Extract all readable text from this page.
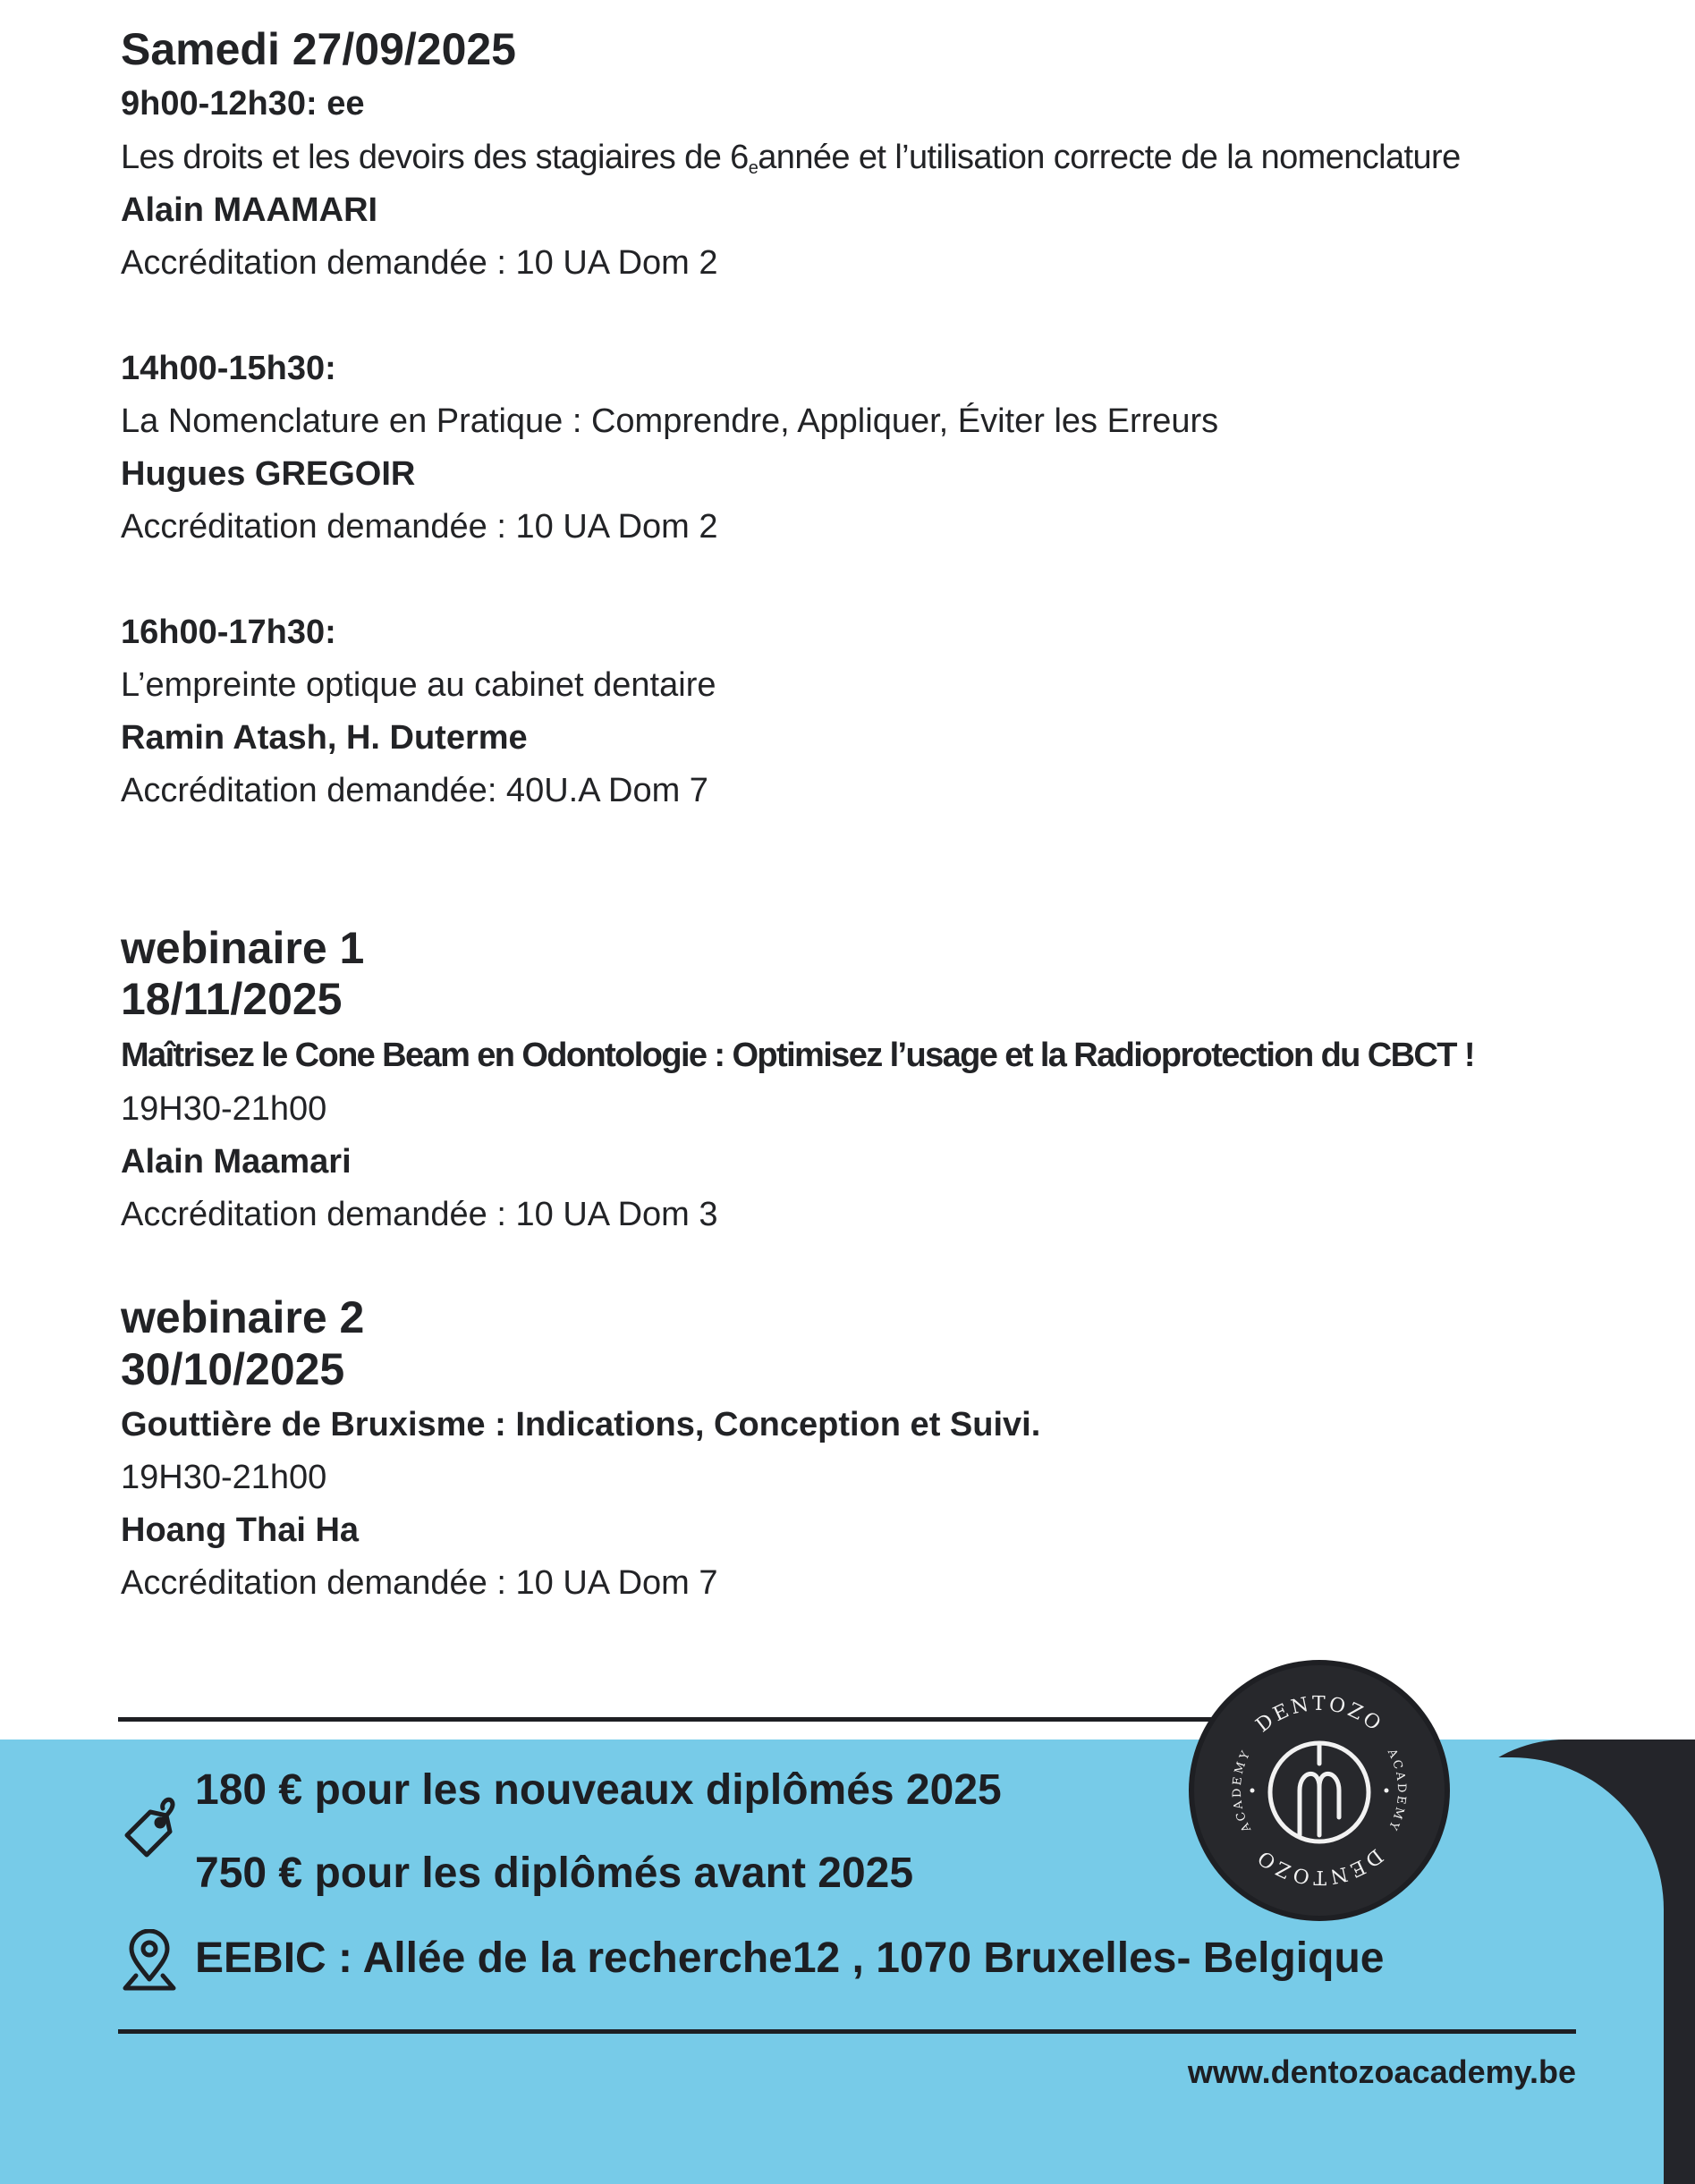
Samedi 27/09/2025
9h00-12h30: ee
Les droits et les devoirs des stagiaires de $6_eannée$ et l’utilisation correcte de la nomenclature
Alain MAAMARI
Accréditation demandée : 10 UA Dom 2
14h00-15h30:
La Nomenclature en Pratique : Comprendre, Appliquer, Éviter les Erreurs
Hugues GREGOIR
Accréditation demandée : 10 UA Dom 2
16h00-17h30:
L’empreinte optique au cabinet dentaire
Ramin Atash, H. Duterme
Accréditation demandée: 40U.A Dom 7
webinaire 1
18/11/2025
Maîtrisez le Cone Beam en Odontologie : Optimisez l’usage et la Radioprotection du CBCT !
19H30-21h00
Alain Maamari
Accréditation demandée : 10 UA Dom 3
webinaire 2
30/10/2025
Gouttière de Bruxisme : Indications, Conception et Suivi.
19H30-21h00
Hoang Thai Ha
Accréditation demandée : 10 UA Dom 7
180 € pour les nouveaux diplômés 2025
750 € pour les diplômés avant 2025
EEBIC : Allée de la recherche12 , 1070 Bruxelles- Belgique
www.dentozoacademy.be
DENTOZO
DENTOZO
ACADEMY	ACADEMY
